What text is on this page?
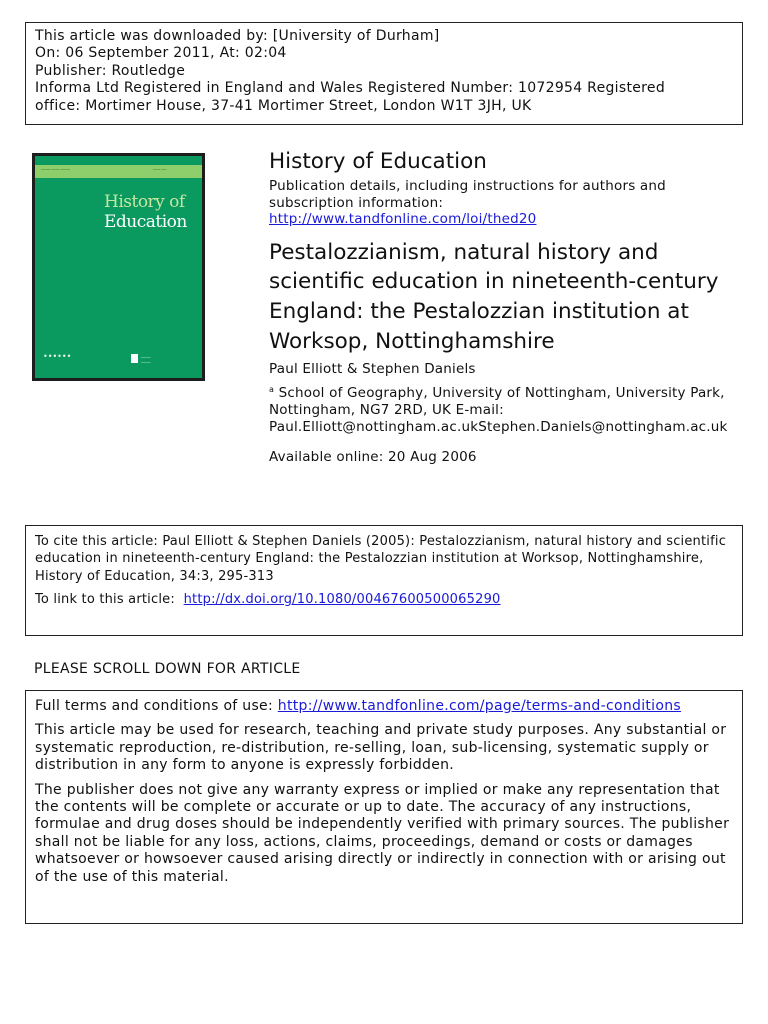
This article was downloaded by: [University of Durham]
On: 06 September 2011, At: 02:04
Publisher: Routledge
Informa Ltd Registered in England and Wales Registered Number: 1072954 Registered
office: Mortimer House, 37-41 Mortimer Street, London W1T 3JH, UK
──── ─── ────	─── ──
History of
Education
••••••	────
────
History of Education
Publication details, including instructions for authors and subscription information:
http://www.tandfonline.com/loi/thed20
Pestalozzianism, natural history and scientific education in nineteenth-century England: the Pestalozzian institution at Worksop, Nottinghamshire
Paul Elliott & Stephen Daniels
$^a$ School of Geography, University of Nottingham, University Park, Nottingham, NG7 2RD, UK E-mail: Paul.Elliott@nottingham.ac.ukStephen.Daniels@nottingham.ac.uk
Available online: 20 Aug 2006
To cite this article: Paul Elliott & Stephen Daniels (2005): Pestalozzianism, natural history and scientific education in nineteenth-century England: the Pestalozzian institution at Worksop, Nottinghamshire, History of Education, 34:3, 295-313
To link to this article: http://dx.doi.org/10.1080/00467600500065290
PLEASE SCROLL DOWN FOR ARTICLE

Full terms and conditions of use: http://www.tandfonline.com/page/terms-and-conditions

This article may be used for research, teaching and private study purposes. Any substantial or systematic reproduction, re-distribution, re-selling, loan, sub-licensing, systematic supply or distribution in any form to anyone is expressly forbidden.

The publisher does not give any warranty express or implied or make any representation that the contents will be complete or accurate or up to date. The accuracy of any instructions, formulae and drug doses should be independently verified with primary sources. The publisher shall not be liable for any loss, actions, claims, proceedings, demand or costs or damages whatsoever or howsoever caused arising directly or indirectly in connection with or arising out of the use of this material.
